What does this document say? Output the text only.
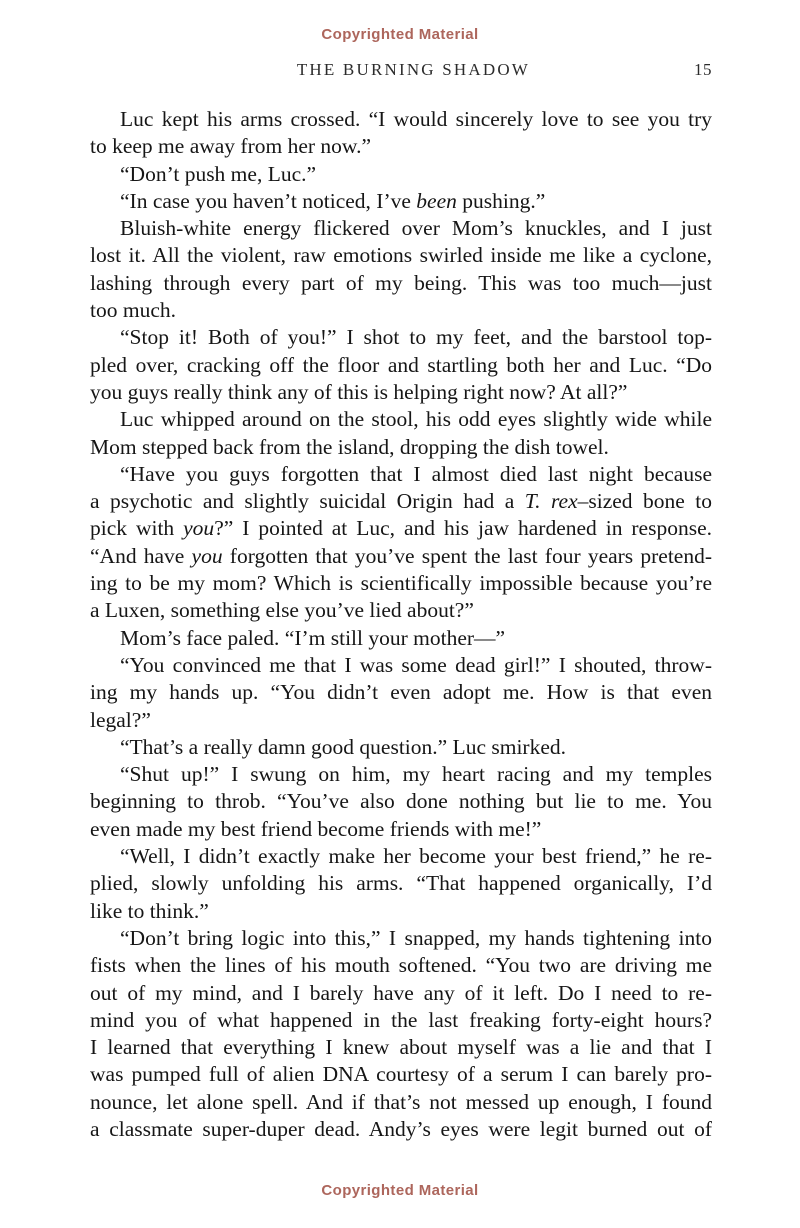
Copyrighted Material
THE BURNING SHADOW	15
Luc kept his arms crossed. “I would sincerely love to see you try
to keep me away from her now.”
“Don’t push me, Luc.”
“In case you haven’t noticed, I’ve been pushing.”
Bluish-white energy flickered over Mom’s knuckles, and I just
lost it. All the violent, raw emotions swirled inside me like a cyclone,
lashing through every part of my being. This was too much—just
too much.
“Stop it! Both of you!” I shot to my feet, and the barstool top-
pled over, cracking off the floor and startling both her and Luc. “Do
you guys really think any of this is helping right now? At all?”
Luc whipped around on the stool, his odd eyes slightly wide while
Mom stepped back from the island, dropping the dish towel.
“Have you guys forgotten that I almost died last night because
a psychotic and slightly suicidal Origin had a T. rex–sized bone to
pick with you?” I pointed at Luc, and his jaw hardened in response.
“And have you forgotten that you’ve spent the last four years pretend-
ing to be my mom? Which is scientifically impossible because you’re
a Luxen, something else you’ve lied about?”
Mom’s face paled. “I’m still your mother—”
“You convinced me that I was some dead girl!” I shouted, throw-
ing my hands up. “You didn’t even adopt me. How is that even
legal?”
“That’s a really damn good question.” Luc smirked.
“Shut up!” I swung on him, my heart racing and my temples
beginning to throb. “You’ve also done nothing but lie to me. You
even made my best friend become friends with me!”
“Well, I didn’t exactly make her become your best friend,” he re-
plied, slowly unfolding his arms. “That happened organically, I’d
like to think.”
“Don’t bring logic into this,” I snapped, my hands tightening into
fists when the lines of his mouth softened. “You two are driving me
out of my mind, and I barely have any of it left. Do I need to re-
mind you of what happened in the last freaking forty-eight hours?
I learned that everything I knew about myself was a lie and that I
was pumped full of alien DNA courtesy of a serum I can barely pro-
nounce, let alone spell. And if that’s not messed up enough, I found
a classmate super-duper dead. Andy’s eyes were legit burned out of
Copyrighted Material
